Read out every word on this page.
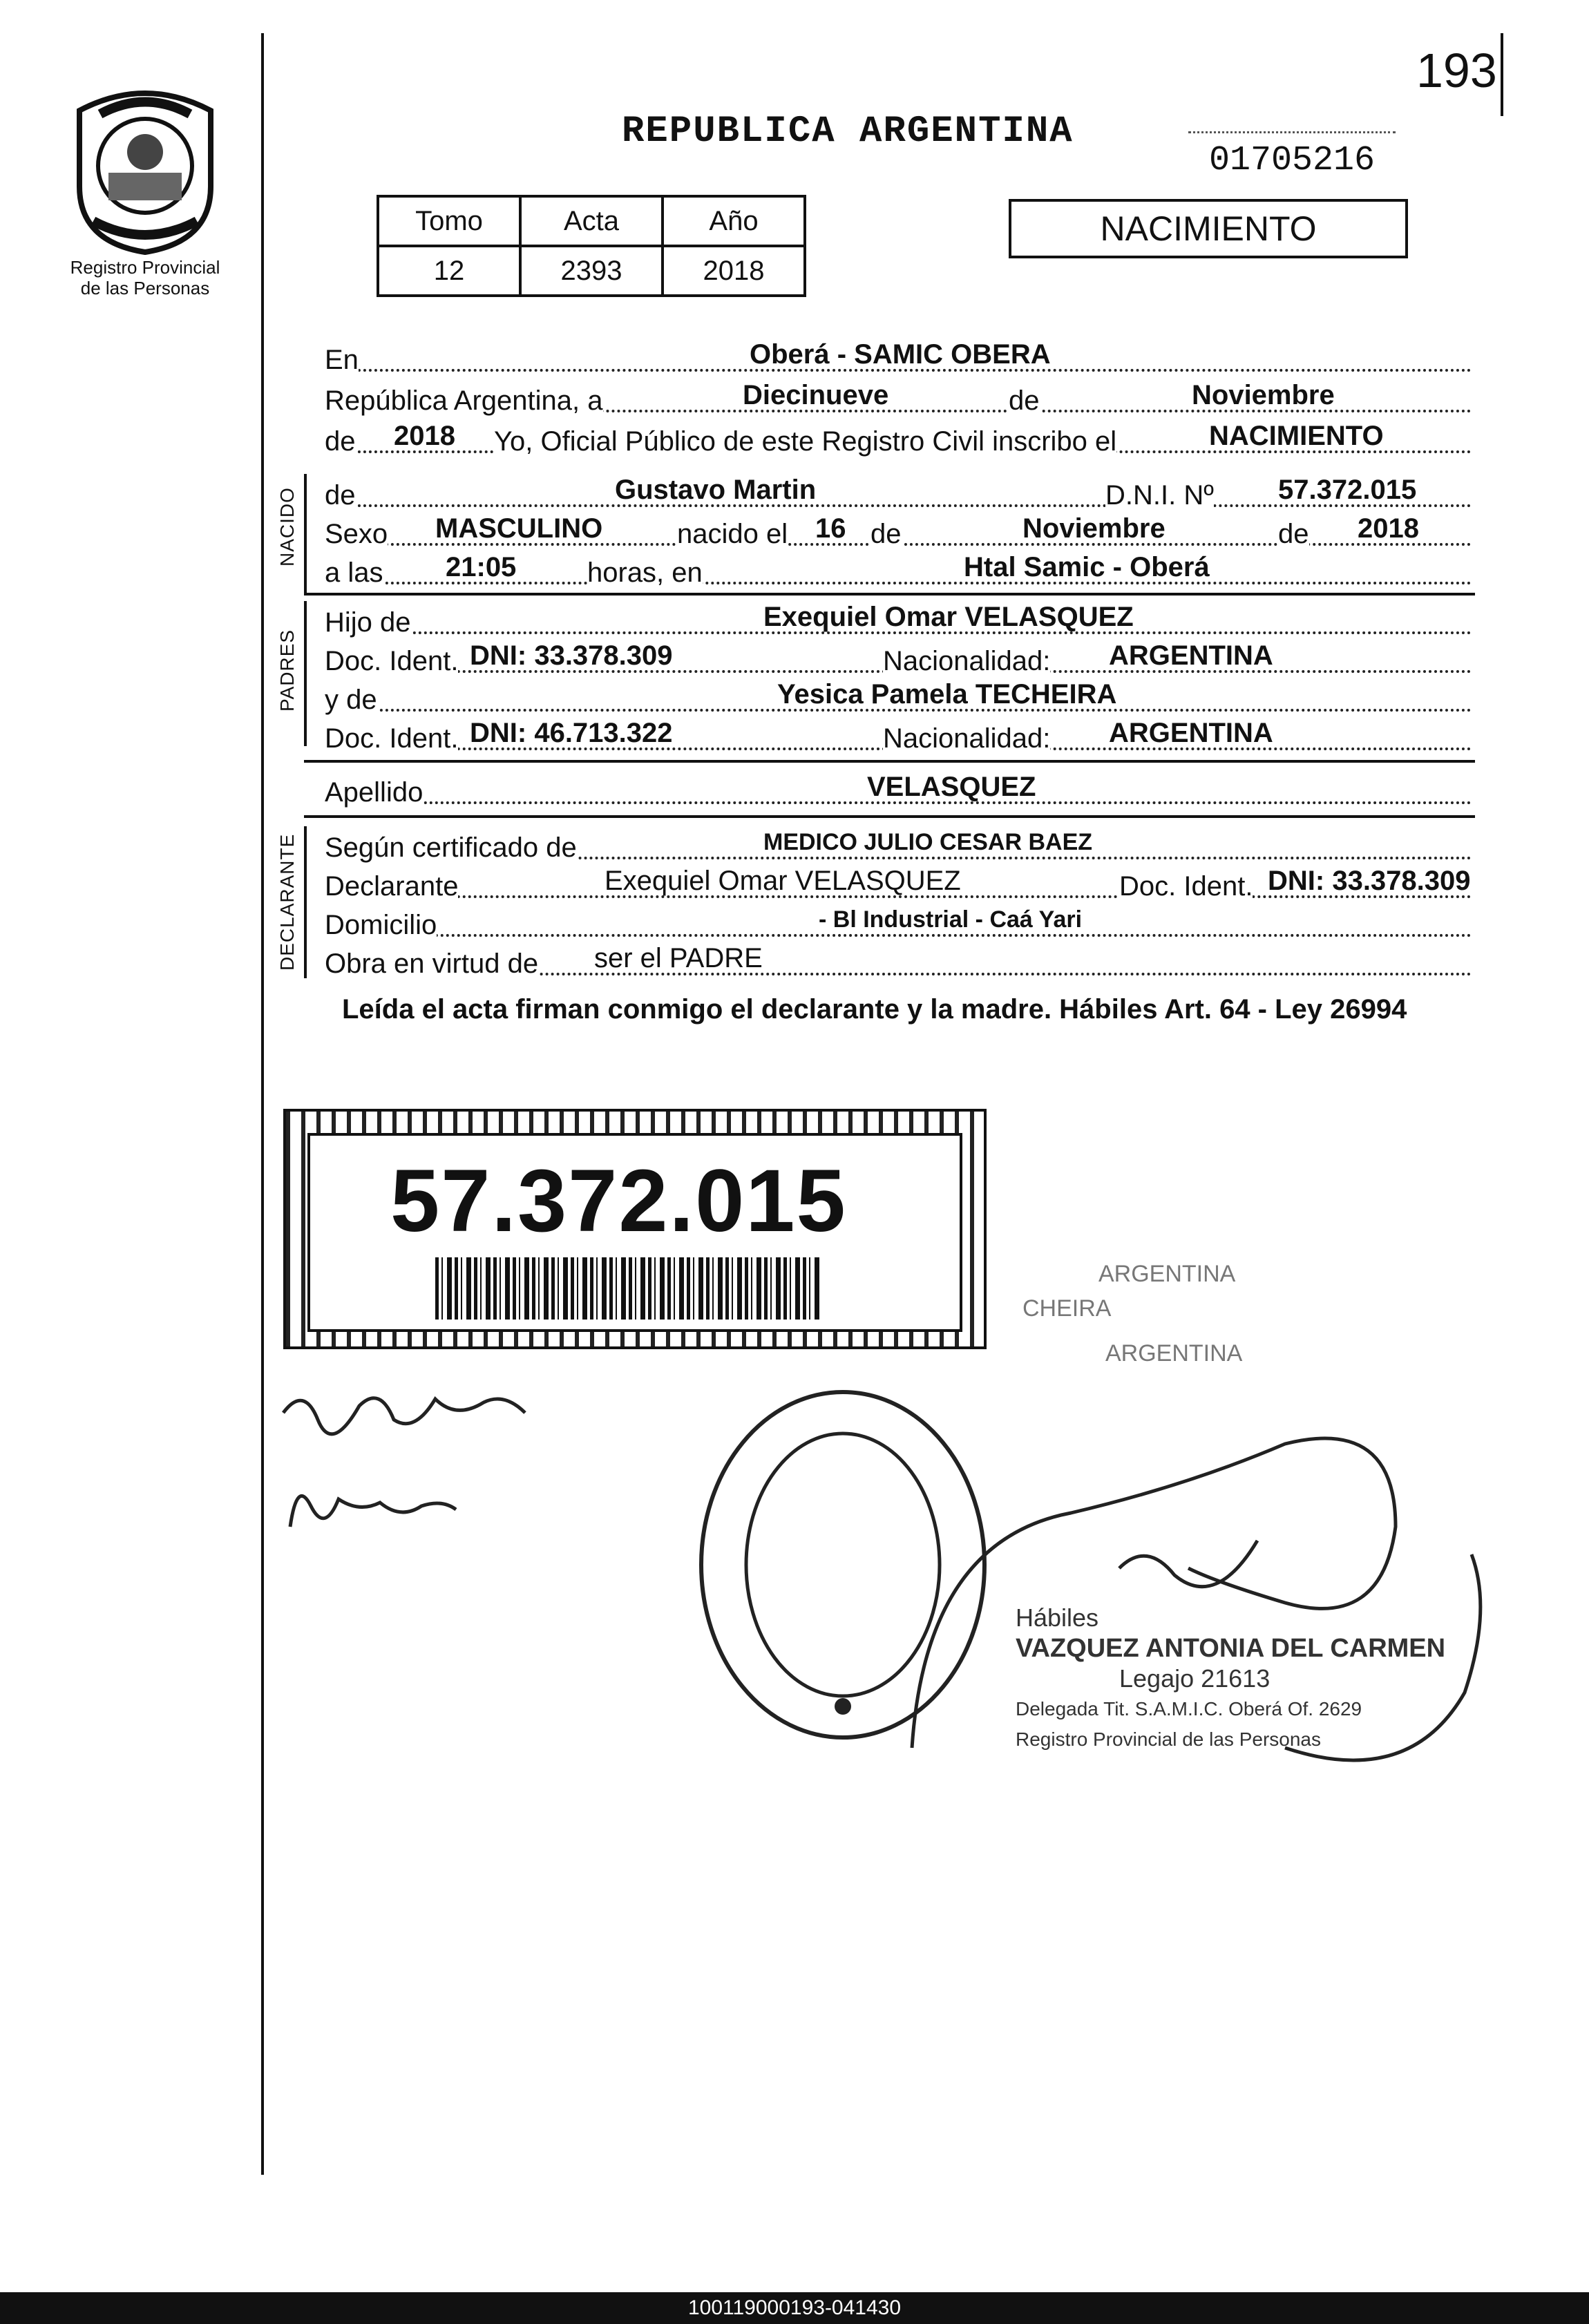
193
Registro Provincial
de las Personas
REPUBLICA ARGENTINA
01705216
Tomo	Acta	Año
12	2393	2018
NACIMIENTO
En	Oberá - SAMIC OBERA
República Argentina, a	Diecinueve	de	Noviembre
de 2018 Yo, Oficial Público de este Registro Civil inscribo el	NACIMIENTO
NACIDO de	Gustavo Martin	D.N.I. Nº 57.372.015
Sexo MASCULINO	nacido el 16 de	Noviembre	de 2018
a las 21:05	horas, en	Htal Samic - Oberá
PADRES
Hijo de	Exequiel Omar VELASQUEZ
Doc. Ident. DNI: 33.378.309	Nacionalidad: ARGENTINA
y de	Yesica Pamela TECHEIRA
Doc. Ident. DNI: 46.713.322	Nacionalidad: ARGENTINA
Apellido	VELASQUEZ
DECLARANTE Según certificado de	MEDICO JULIO CESAR BAEZ
Declarante	Exequiel Omar VELASQUEZ	Doc. Ident. DNI: 33.378.309
Domicilio	- Bl Industrial - Caá Yari
Obra en virtud de ser el PADRE
Leída el acta firman conmigo el declarante y la madre. Hábiles Art. 64 - Ley 26994
57.372.015
Hábiles
VAZQUEZ ANTONIA DEL CARMEN
Legajo 21613
Delegada Tit. S.A.M.I.C. Oberá Of. 2629
Registro Provincial de las Personas
ARGENTINA
CHEIRA
ARGENTINA
100119000193-041430
